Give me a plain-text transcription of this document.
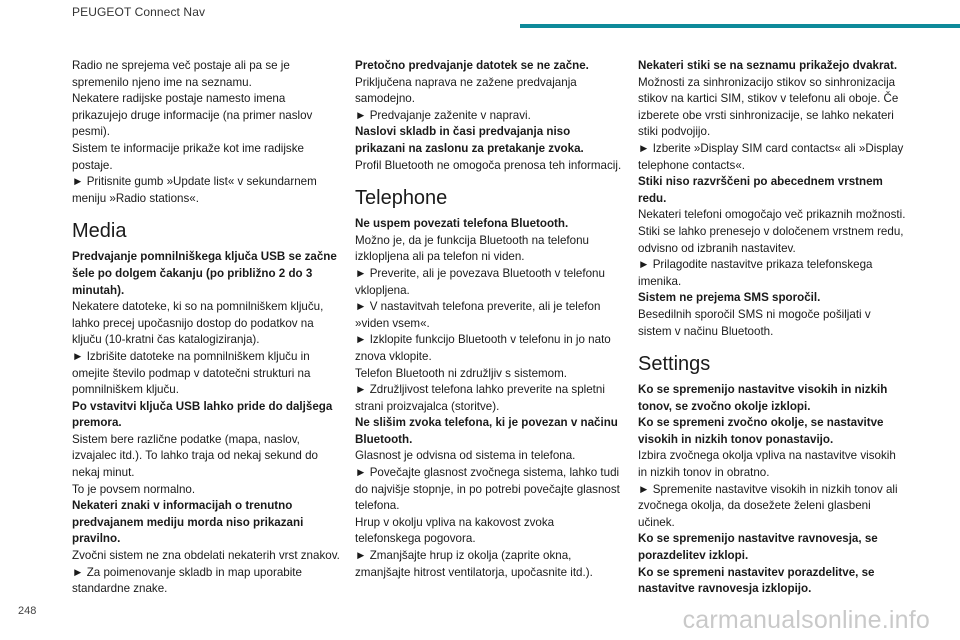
PEUGEOT Connect Nav

Radio ne sprejema več postaje ali pa se je spremenilo njeno ime na seznamu.

Nekatere radijske postaje namesto imena prikazujejo druge informacije (na primer naslov pesmi).

Sistem te informacije prikaže kot ime radijske postaje.

► Pritisnite gumb »Update list« v sekundarnem meniju »Radio stations«.

Media

Predvajanje pomnilniškega ključa USB se začne šele po dolgem čakanju (po približno 2 do 3 minutah).

Nekatere datoteke, ki so na pomnilniškem ključu, lahko precej upočasnijo dostop do podatkov na ključu (10-kratni čas katalogiziranja).

► Izbrišite datoteke na pomnilniškem ključu in omejite število podmap v datotečni strukturi na pomnilniškem ključu.

Po vstavitvi ključa USB lahko pride do daljšega premora.

Sistem bere različne podatke (mapa, naslov, izvajalec itd.). To lahko traja od nekaj sekund do nekaj minut.

To je povsem normalno.

Nekateri znaki v informacijah o trenutno predvajanem mediju morda niso prikazani pravilno.

Zvočni sistem ne zna obdelati nekaterih vrst znakov.

► Za poimenovanje skladb in map uporabite standardne znake.

Pretočno predvajanje datotek se ne začne.

Priključena naprava ne zažene predvajanja samodejno.

► Predvajanje zaženite v napravi.

Naslovi skladb in časi predvajanja niso prikazani na zaslonu za pretakanje zvoka.

Profil Bluetooth ne omogoča prenosa teh informacij.

Telephone

Ne uspem povezati telefona Bluetooth.

Možno je, da je funkcija Bluetooth na telefonu izklopljena ali pa telefon ni viden.

► Preverite, ali je povezava Bluetooth v telefonu vklopljena.

► V nastavitvah telefona preverite, ali je telefon »viden vsem«.

► Izklopite funkcijo Bluetooth v telefonu in jo nato znova vklopite.

Telefon Bluetooth ni združljiv s sistemom.

► Združljivost telefona lahko preverite na spletni strani proizvajalca (storitve).

Ne slišim zvoka telefona, ki je povezan v načinu Bluetooth.

Glasnost je odvisna od sistema in telefona.

► Povečajte glasnost zvočnega sistema, lahko tudi do najvišje stopnje, in po potrebi povečajte glasnost telefona.

Hrup v okolju vpliva na kakovost zvoka telefonskega pogovora.

► Zmanjšajte hrup iz okolja (zaprite okna, zmanjšajte hitrost ventilatorja, upočasnite itd.).

Nekateri stiki se na seznamu prikažejo dvakrat.

Možnosti za sinhronizacijo stikov so sinhronizacija stikov na kartici SIM, stikov v telefonu ali oboje. Če izberete obe vrsti sinhronizacije, se lahko nekateri stiki podvojijo.

► Izberite »Display SIM card contacts« ali »Display telephone contacts«.

Stiki niso razvrščeni po abecednem vrstnem redu.

Nekateri telefoni omogočajo več prikaznih možnosti. Stiki se lahko prenesejo v določenem vrstnem redu, odvisno od izbranih nastavitev.

► Prilagodite nastavitve prikaza telefonskega imenika.

Sistem ne prejema SMS sporočil.

Besedilnih sporočil SMS ni mogoče pošiljati v sistem v načinu Bluetooth.

Settings

Ko se spremenijo nastavitve visokih in nizkih tonov, se zvočno okolje izklopi.

Ko se spremeni zvočno okolje, se nastavitve visokih in nizkih tonov ponastavijo.

Izbira zvočnega okolja vpliva na nastavitve visokih in nizkih tonov in obratno.

► Spremenite nastavitve visokih in nizkih tonov ali zvočnega okolja, da dosežete želeni glasbeni učinek.

Ko se spremenijo nastavitve ravnovesja, se porazdelitev izklopi.

Ko se spremeni nastavitev porazdelitve, se nastavitve ravnovesja izklopijo.

248	carmanualsonline.info
